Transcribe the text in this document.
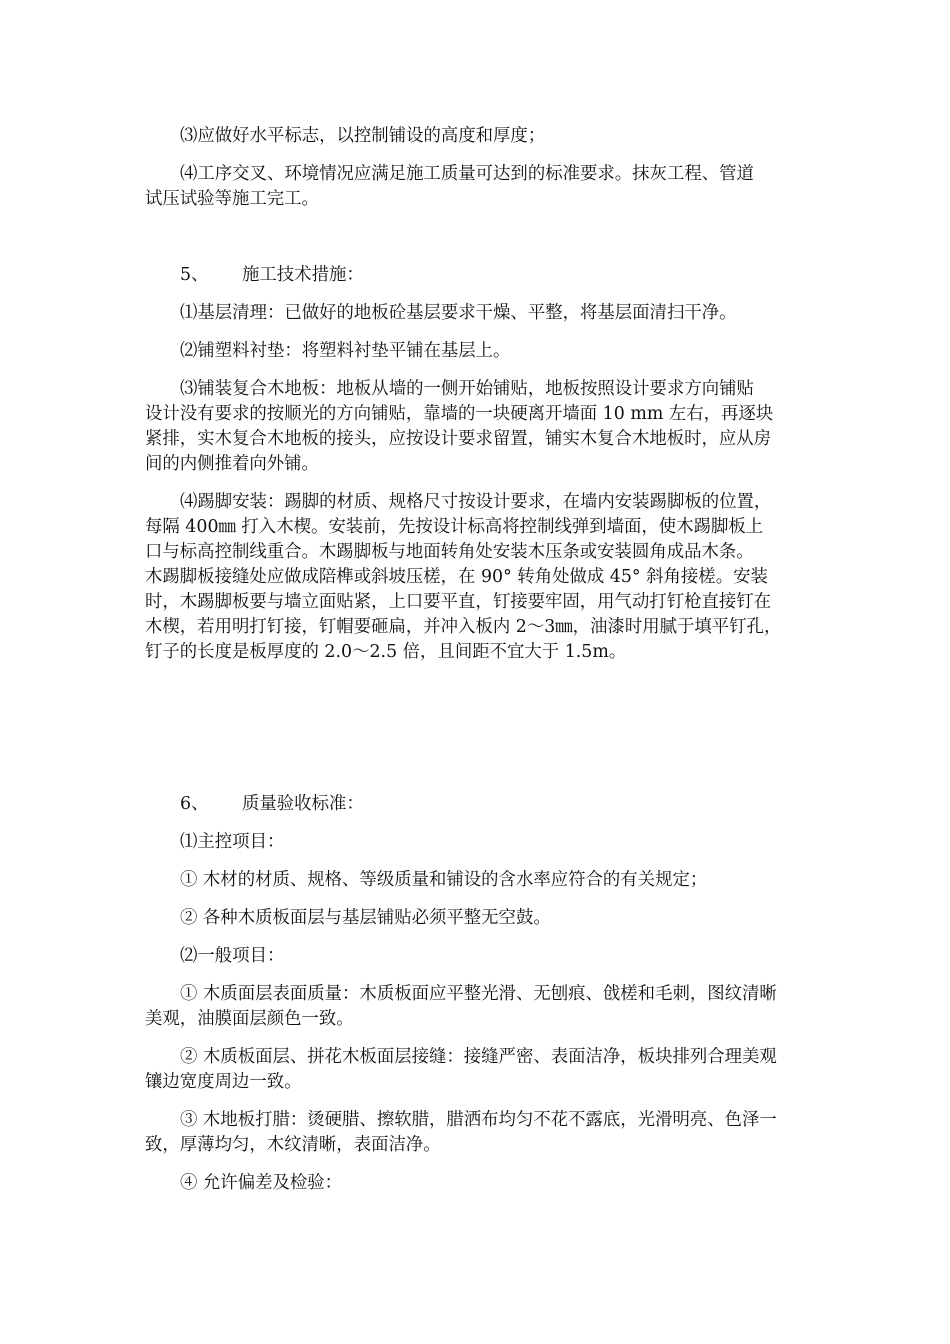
⑶应做好水平标志，以控制铺设的高度和厚度；

⑷工序交叉、环境情况应满足施工质量可达到的标准要求。抹灰工程、管道

试压试验等施工完工。

5、 施工技术措施：

⑴基层清理：已做好的地板砼基层要求干燥、平整，将基层面清扫干净。

⑵铺塑料衬垫：将塑料衬垫平铺在基层上。

⑶铺装复合木地板：地板从墙的一侧开始铺贴，地板按照设计要求方向铺贴

设计没有要求的按顺光的方向铺贴，靠墙的一块硬离开墙面 10 mm 左右，再逐块

紧排，实木复合木地板的接头，应按设计要求留置，铺实木复合木地板时，应从房

间的内侧推着向外铺。

⑷踢脚安装：踢脚的材质、规格尺寸按设计要求，在墙内安装踢脚板的位置，

每隔 400㎜ 打入木楔。安装前，先按设计标高将控制线弹到墙面，使木踢脚板上

口与标高控制线重合。木踢脚板与地面转角处安装木压条或安装圆角成品木条。

木踢脚板接缝处应做成陪榫或斜坡压槎，在 90° 转角处做成 45° 斜角接槎。安装

时，木踢脚板要与墙立面贴紧，上口要平直，钉接要牢固，用气动打钉枪直接钉在

木楔，若用明打钉接，钉帽要砸扁，并冲入板内 2～3㎜，油漆时用腻于填平钉孔，

钉子的长度是板厚度的 2.0～2.5 倍，且间距不宜大于 1.5m。

6、 质量验收标准：

⑴主控项目：

① 木材的材质、规格、等级质量和铺设的含水率应符合的有关规定；

② 各种木质板面层与基层铺贴必须平整无空鼓。

⑵一般项目：

① 木质面层表面质量：木质板面应平整光滑、无刨痕、戗槎和毛刺，图纹清晰

美观，油膜面层颜色一致。

② 木质板面层、拼花木板面层接缝：接缝严密、表面洁净，板块排列合理美观

镶边宽度周边一致。

③ 木地板打腊：烫硬腊、擦软腊，腊洒布均匀不花不露底，光滑明亮、色泽一

致，厚薄均匀，木纹清晰，表面洁净。

④ 允许偏差及检验：
